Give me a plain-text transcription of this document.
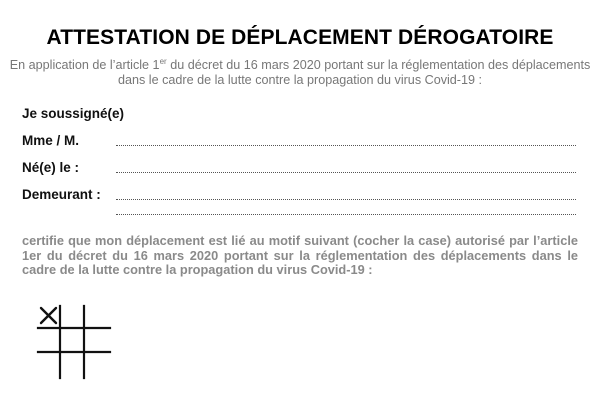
ATTESTATION DE DÉPLACEMENT DÉROGATOIRE
En application de l’article 1er du décret du 16 mars 2020 portant sur la réglementation des déplacements dans le cadre de la lutte contre la propagation du virus Covid-19 :
Je soussigné(e)
Mme / M.
Né(e) le :
Demeurant :
certifie que mon déplacement est lié au motif suivant (cocher la case) autorisé par l’article 1er du décret du 16 mars 2020 portant sur la réglementation des déplacements dans le cadre de la lutte contre la propagation du virus Covid-19 :
